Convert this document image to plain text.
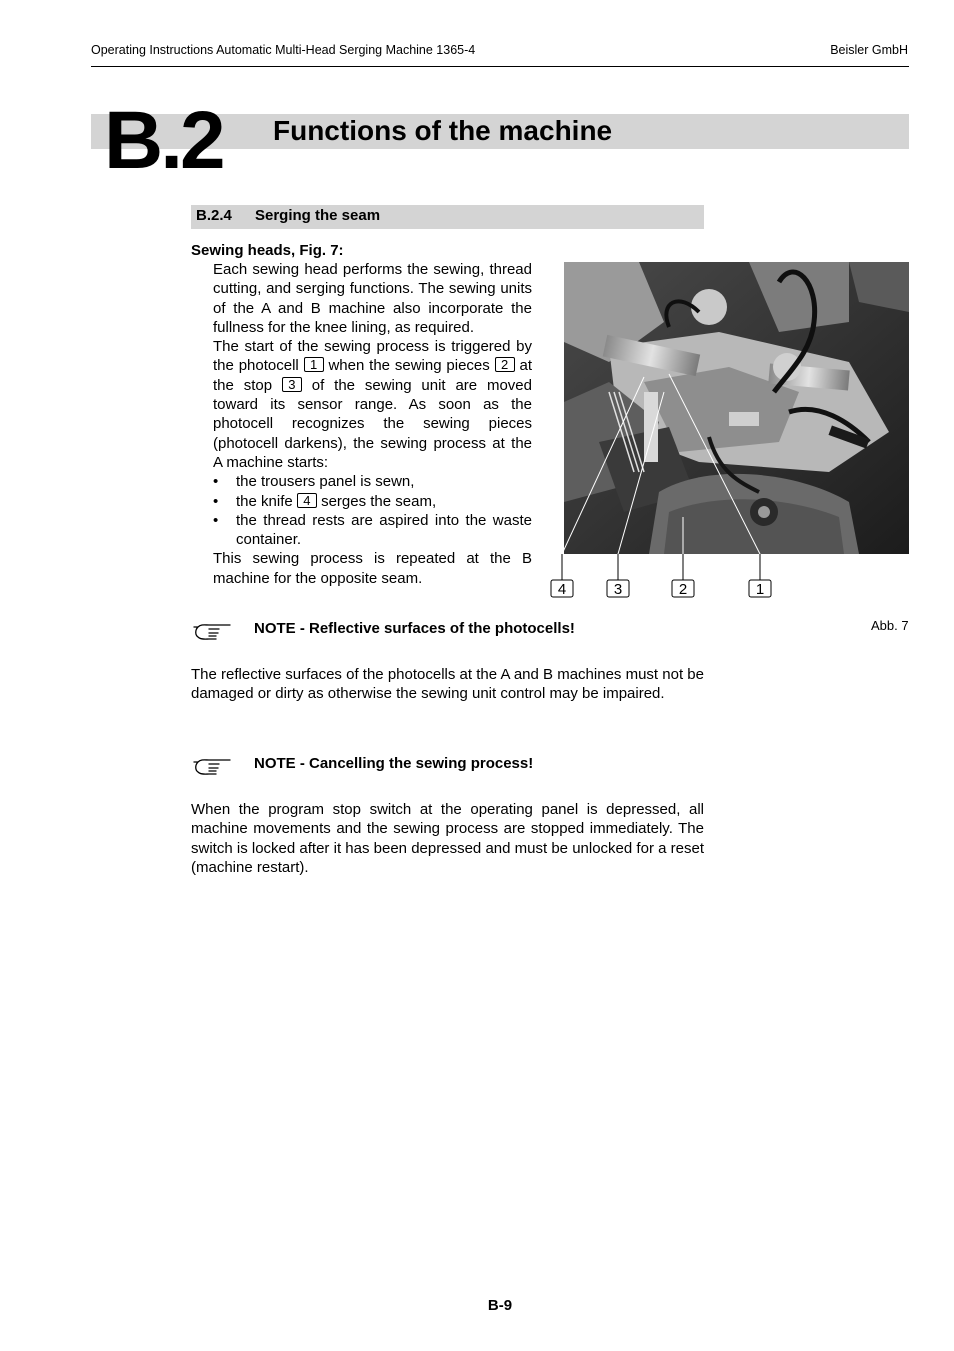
Operating Instructions Automatic Multi-Head Serging Machine 1365-4	Beisler GmbH
B.2 Functions of the machine
B.2.4 Serging the seam
Sewing heads, Fig. 7:

Each sewing head performs the sewing, thread cutting, and serging functions. The sewing units of the A and B machine also incorporate the fullness for the knee lining, as required.

The start of the sewing process is triggered by the photocell 1 when the sewing pieces 2 at the stop 3 of the sewing unit are moved toward its sensor range. As soon as the photocell recognizes the sewing pieces (photocell darkens), the sewing process at the A machine starts:

• the trousers panel is sewn,
• the knife 4 serges the seam,
• the thread rests are aspired into the waste container.

This sewing process is repeated at the B machine for the opposite seam.

4	3	2	1
Abb. 7
NOTE - Reflective surfaces of the photocells!

The reflective surfaces of the photocells at the A and B machines must not be damaged or dirty as otherwise the sewing unit control may be impaired.

NOTE - Cancelling the sewing process!

When the program stop switch at the operating panel is depressed, all machine movements and the sewing process are stopped immediately. The switch is locked after it has been depressed and must be unlocked for a reset (machine restart).

B-9
